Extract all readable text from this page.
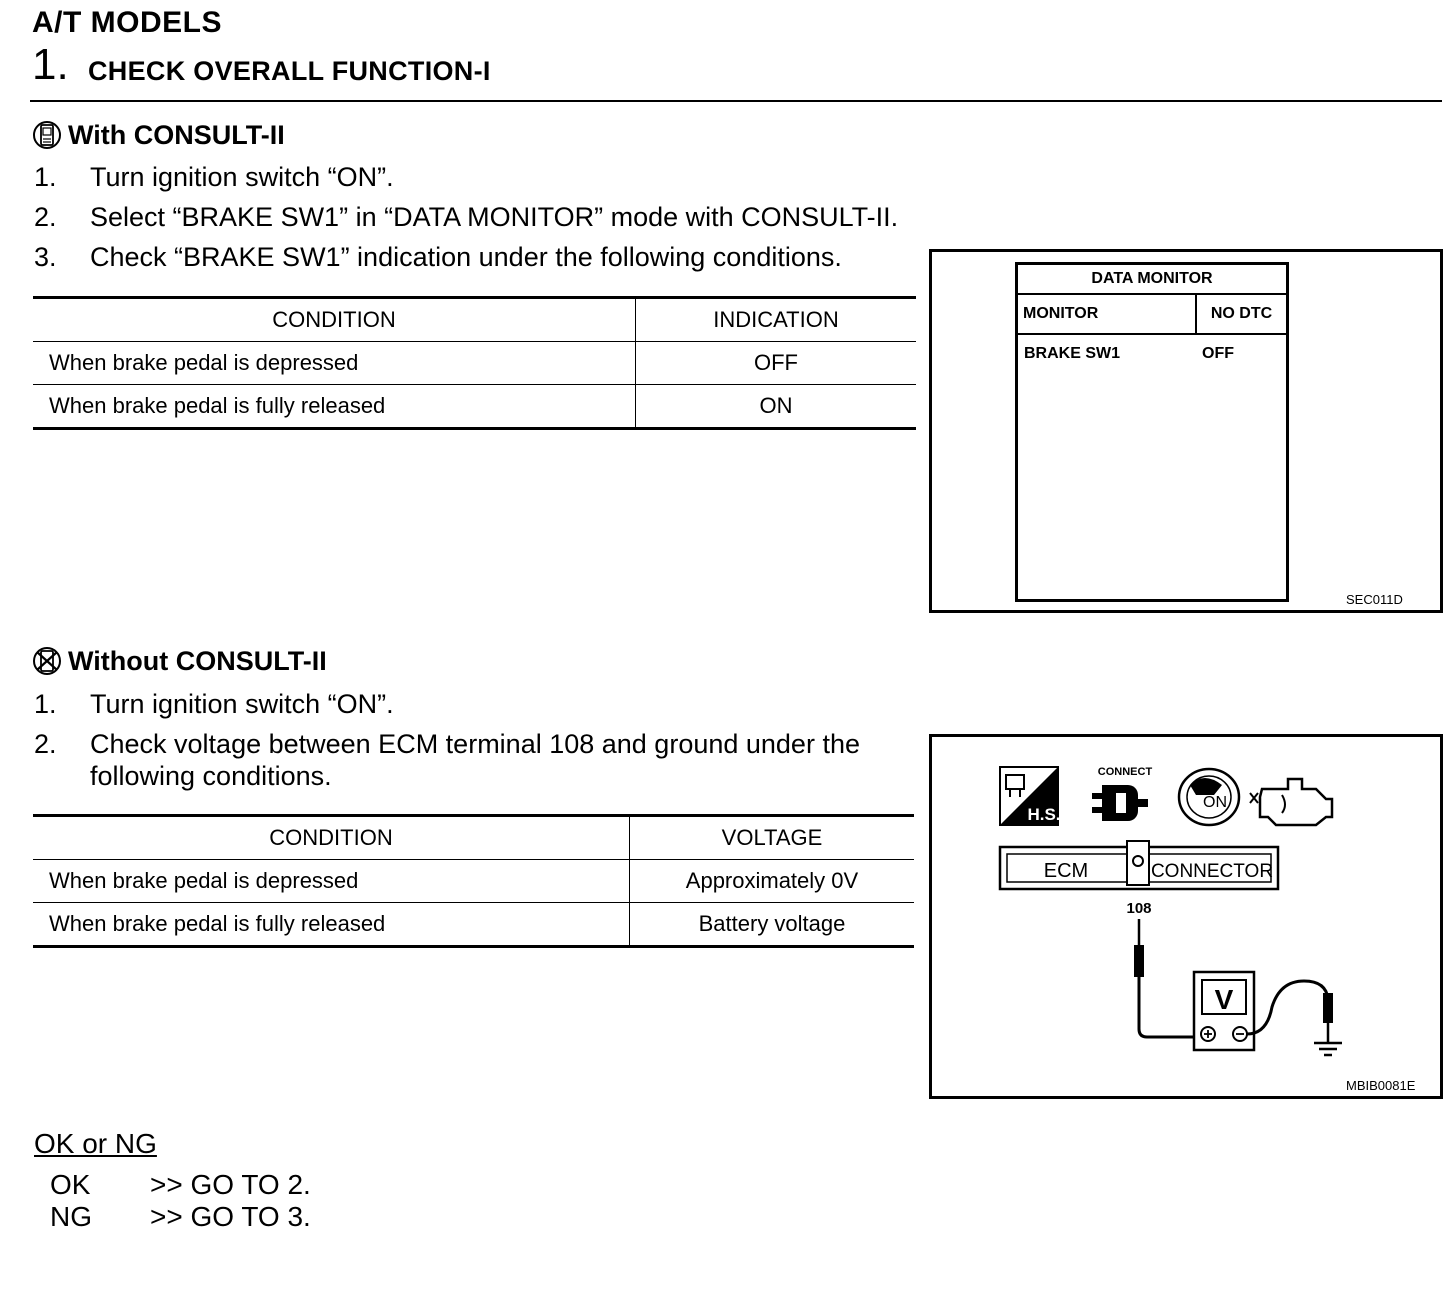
A/T MODELS
1. CHECK OVERALL FUNCTION-I
With CONSULT-II
1. Turn ignition switch “ON”.
2. Select “BRAKE SW1” in “DATA MONITOR” mode with CONSULT-II.
3. Check “BRAKE SW1” indication under the following conditions.
CONDITION	INDICATION
When brake pedal is depressed	OFF
When brake pedal is fully released	ON
DATA MONITOR
MONITOR	NO DTC
BRAKE SW1	OFF
SEC011D
Without CONSULT-II
1. Turn ignition switch “ON”.
2. Check voltage between ECM terminal 108 and ground under the following conditions.
CONDITION	VOLTAGE
When brake pedal is depressed	Approximately 0V
When brake pedal is fully released	Battery voltage
H.S.
CONNECT
ON
ECM	CONNECTOR
108
V
MBIB0081E
OK or NG
OK >> GO TO 2.
NG >> GO TO 3.
